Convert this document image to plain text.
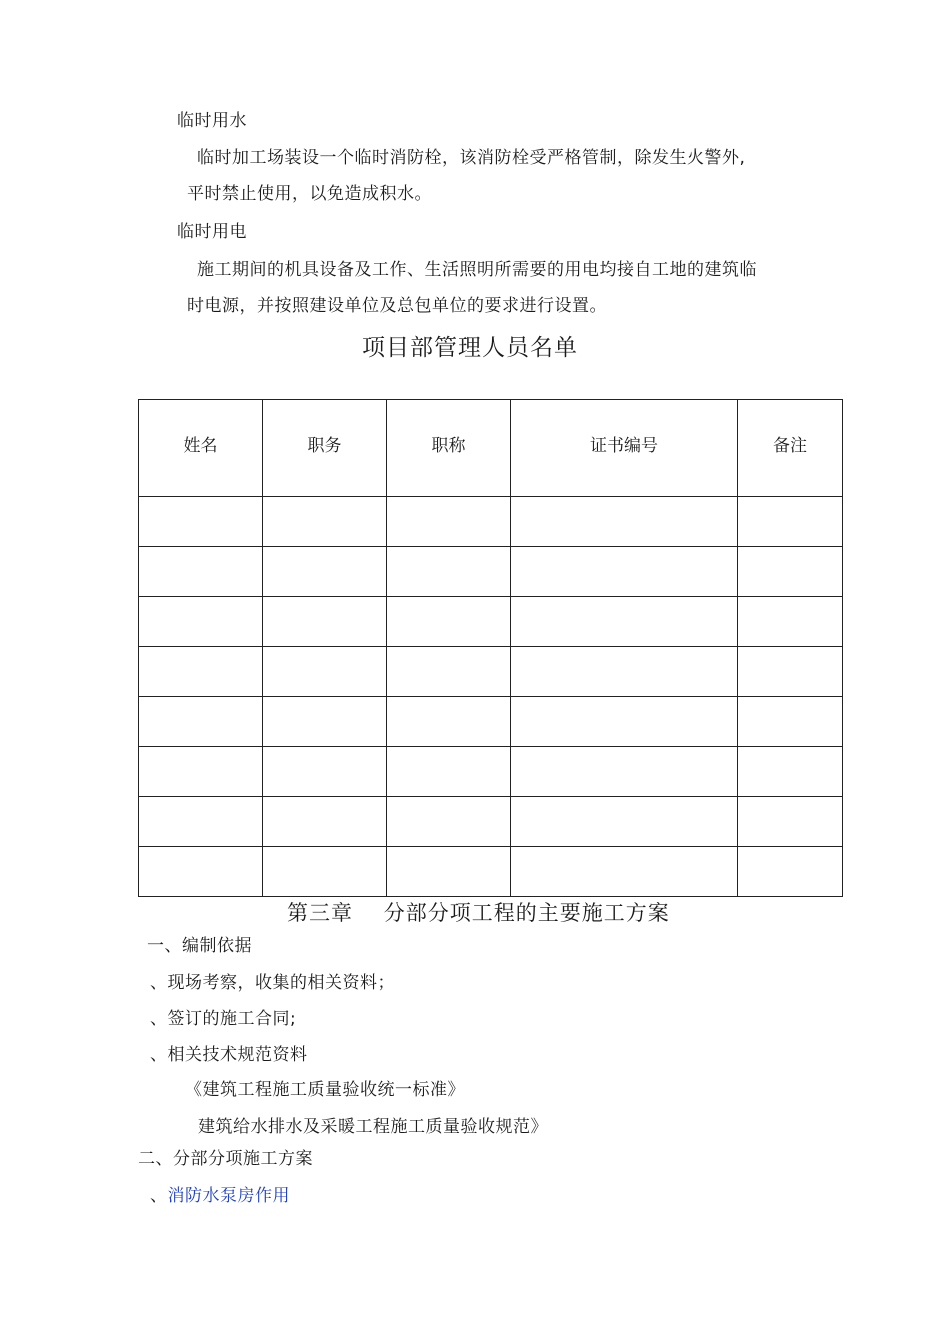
临时用水
临时加工场装设一个临时消防栓，该消防栓受严格管制，除发生火警外,
平时禁止使用，以免造成积水。
临时用电
施工期间的机具设备及工作、生活照明所需要的用电均接自工地的建筑临
时电源，并按照建设单位及总包单位的要求进行设置。
项目部管理人员名单
姓名	职务	职称	证书编号	备注

第三章    分部分项工程的主要施工方案
一、编制依据
、现场考察，收集的相关资料；
、签订的施工合同;
、相关技术规范资料
《建筑工程施工质量验收统一标准》
建筑给水排水及采暖工程施工质量验收规范》
二、分部分项施工方案
、消防水泵房作用
